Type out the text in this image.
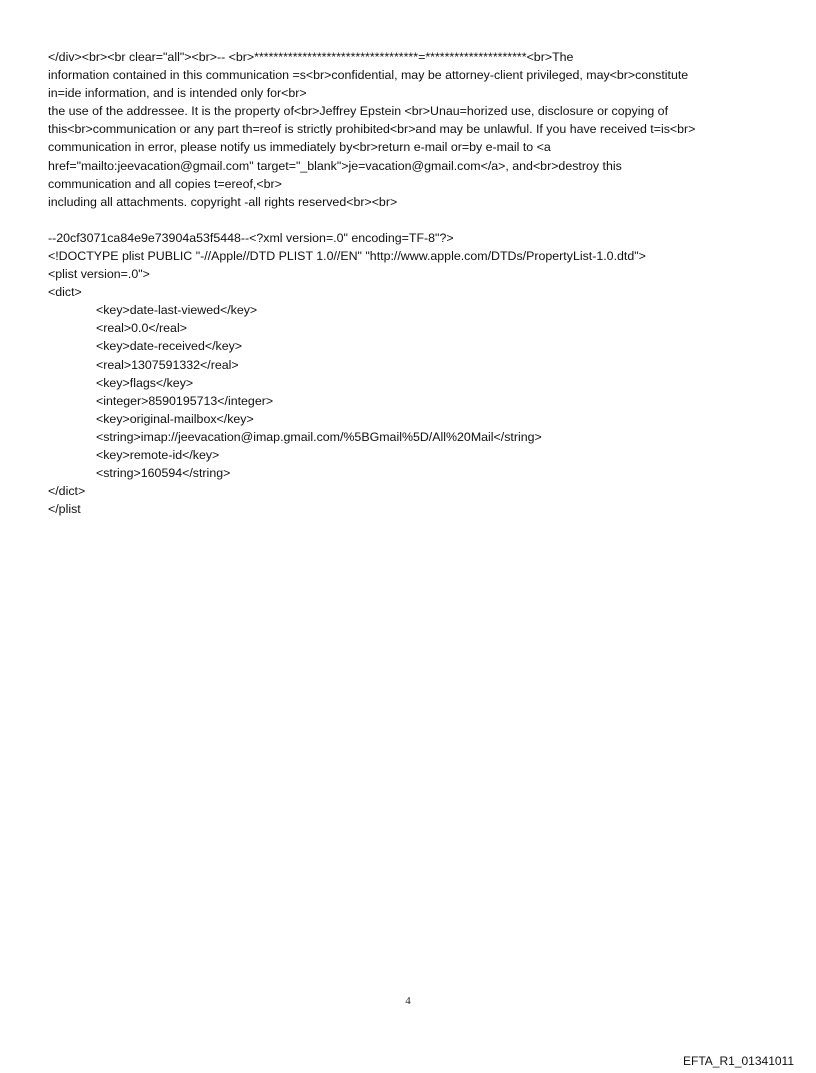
</div><br><br clear="all"><br>-- <br>**********************************=*********************<br>The
information contained in this communication =s<br>confidential, may be attorney-client privileged, may<br>constitute
in=ide information, and is intended only for<br>
the use of the addressee. It is the property of<br>Jeffrey Epstein <br>Unau=horized use, disclosure or copying of
this<br>communication or any part th=reof is strictly prohibited<br>and may be unlawful. If you have received t=is<br>
communication in error, please notify us immediately by<br>return e-mail or=by e-mail to <a
href="mailto:jeevacation@gmail.com" target="_blank">je=vacation@gmail.com</a>, and<br>destroy this
communication and all copies t=ereof,<br>
including all attachments. copyright -all rights reserved<br><br>
--20cf3071ca84e9e73904a53f5448--<?xml version=.0" encoding=TF-8"?>
<!DOCTYPE plist PUBLIC "-//Apple//DTD PLIST 1.0//EN" "http://www.apple.com/DTDs/PropertyList-1.0.dtd">
<plist version=.0">
<dict>
<key>date-last-viewed</key>
<real>0.0</real>
<key>date-received</key>
<real>1307591332</real>
<key>flags</key>
<integer>8590195713</integer>
<key>original-mailbox</key>
<string>imap://jeevacation@imap.gmail.com/%5BGmail%5D/All%20Mail</string>
<key>remote-id</key>
<string>160594</string>
</dict>
</plist
4
EFTA_R1_01341011
